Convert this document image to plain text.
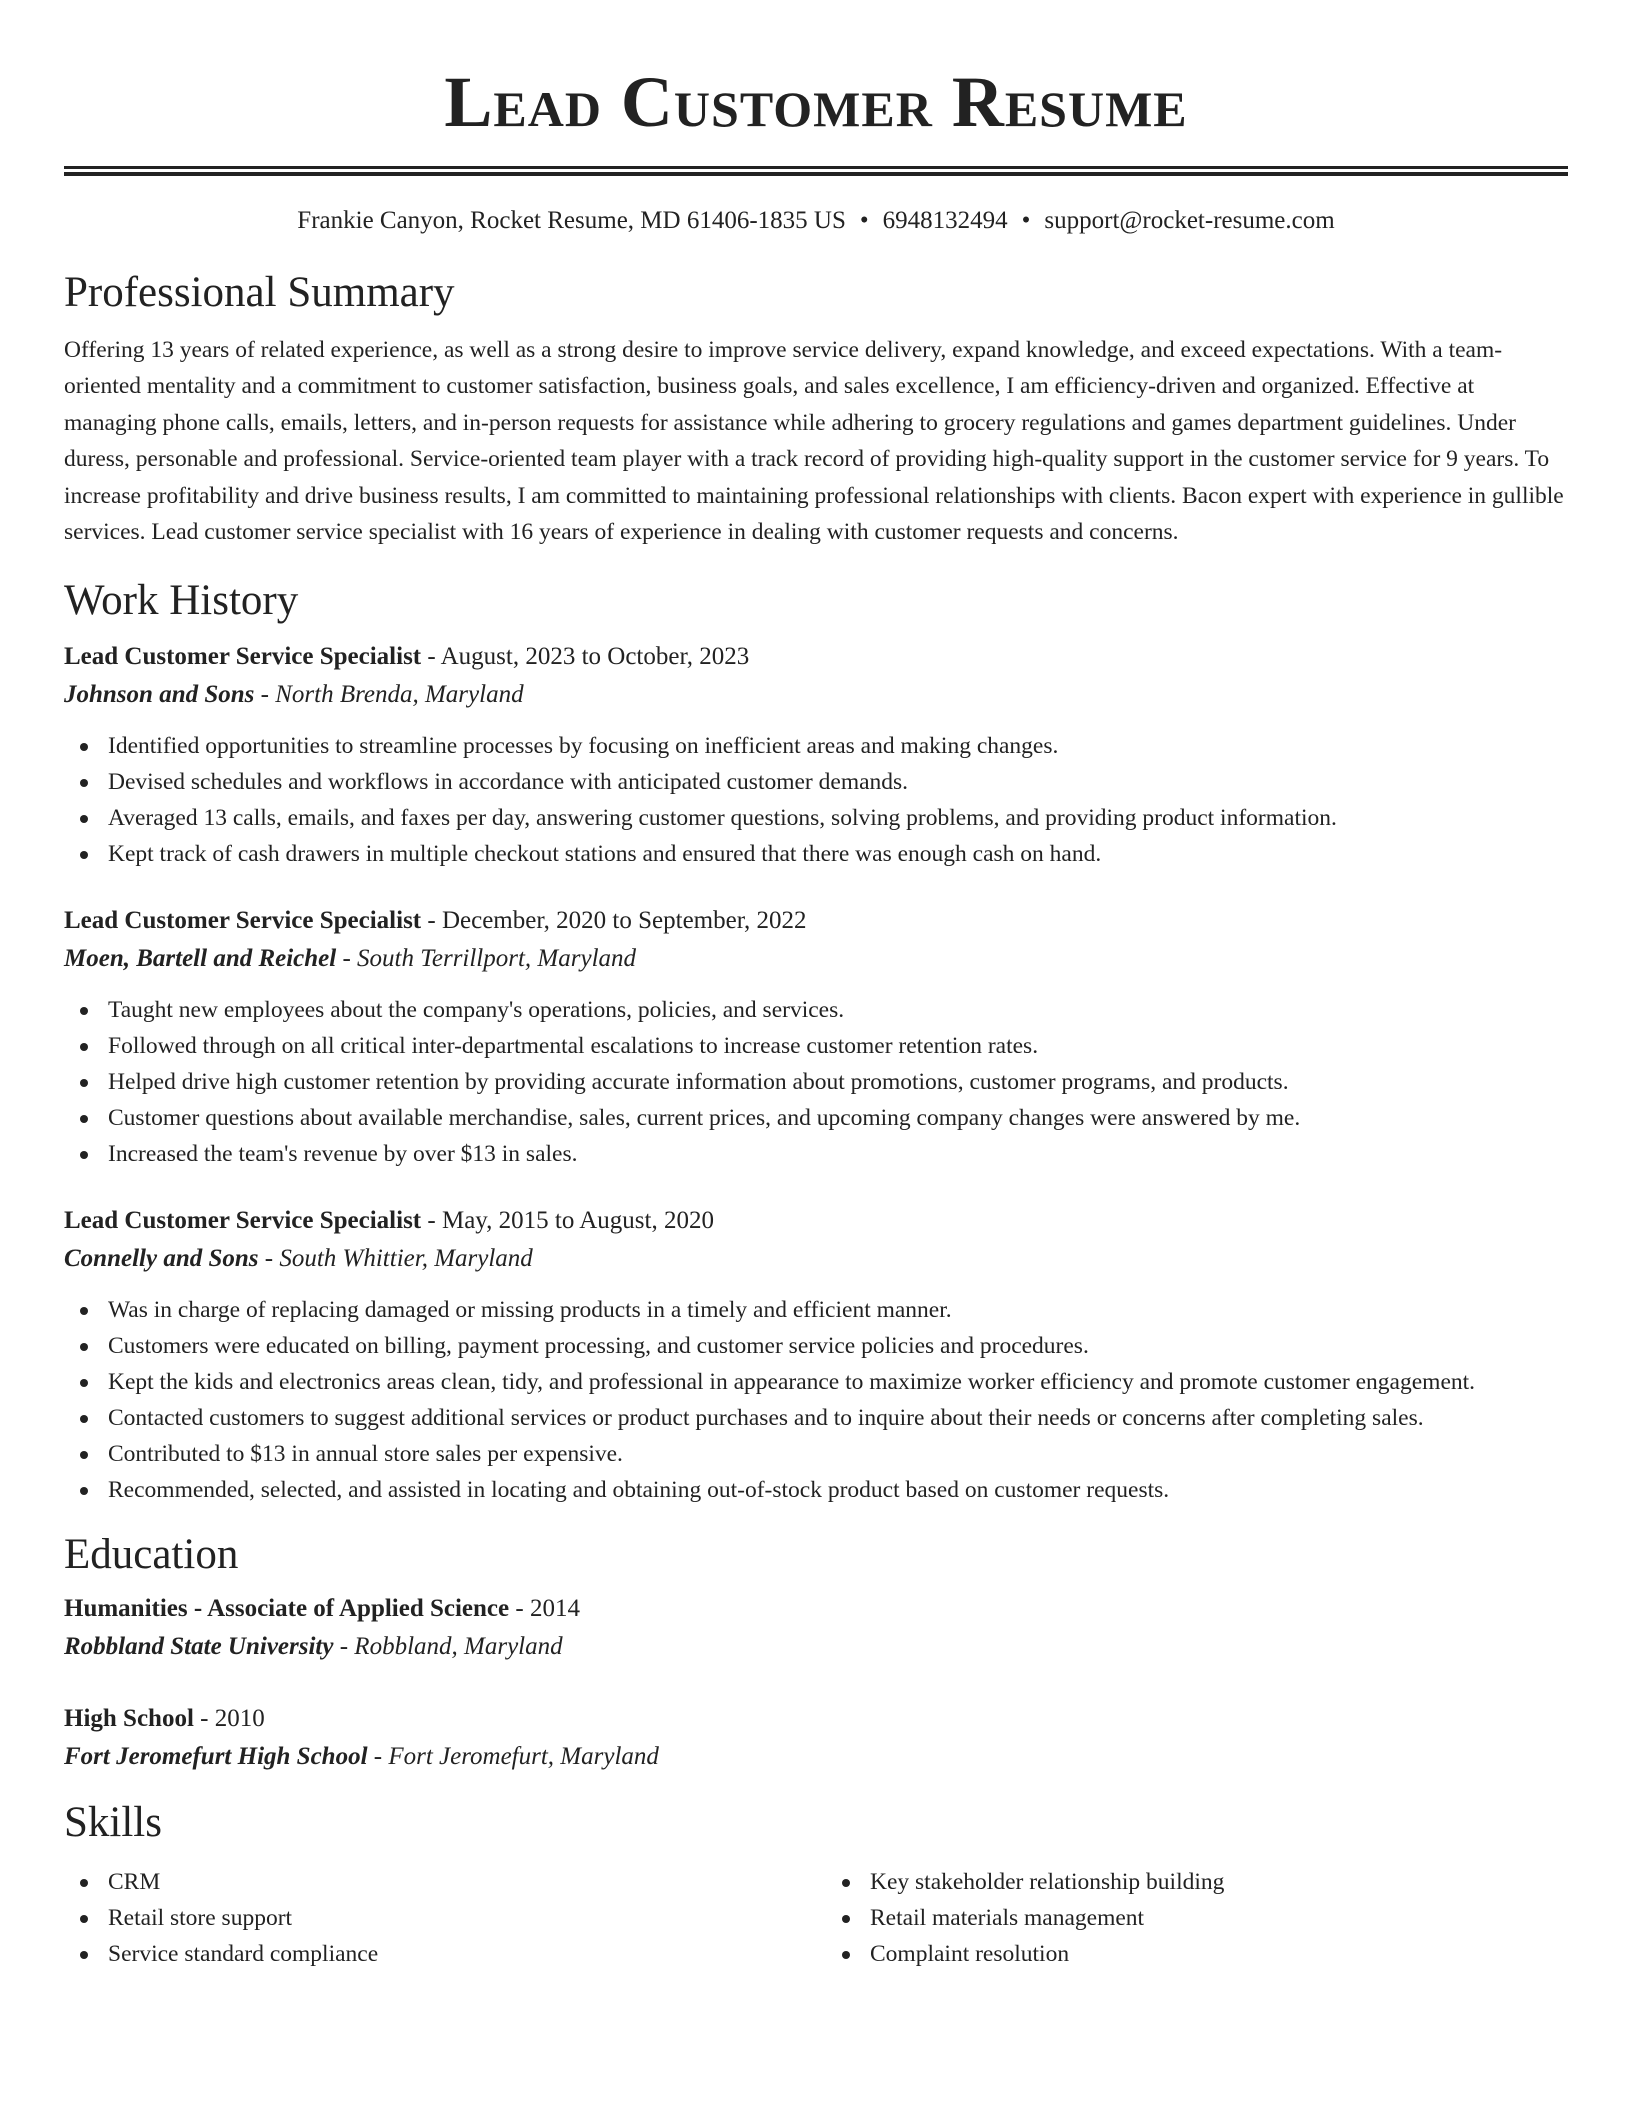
Lead Customer Resume
Frankie Canyon, Rocket Resume, MD 61406-1835 US • 6948132494 • support@rocket-resume.com
Professional Summary

Offering 13 years of related experience, as well as a strong desire to improve service delivery, expand knowledge, and exceed expectations. With a team-oriented mentality and a commitment to customer satisfaction, business goals, and sales excellence, I am efficiency-driven and organized. Effective at managing phone calls, emails, letters, and in-person requests for assistance while adhering to grocery regulations and games department guidelines. Under duress, personable and professional. Service-oriented team player with a track record of providing high-quality support in the customer service for 9 years. To increase profitability and drive business results, I am committed to maintaining professional relationships with clients. Bacon expert with experience in gullible services. Lead customer service specialist with 16 years of experience in dealing with customer requests and concerns.

Work History
Lead Customer Service Specialist - August, 2023 to October, 2023
Johnson and Sons - North Brenda, Maryland
Identified opportunities to streamline processes by focusing on inefficient areas and making changes.
Devised schedules and workflows in accordance with anticipated customer demands.
Averaged 13 calls, emails, and faxes per day, answering customer questions, solving problems, and providing product information.
Kept track of cash drawers in multiple checkout stations and ensured that there was enough cash on hand.
Lead Customer Service Specialist - December, 2020 to September, 2022
Moen, Bartell and Reichel - South Terrillport, Maryland
Taught new employees about the company's operations, policies, and services.
Followed through on all critical inter-departmental escalations to increase customer retention rates.
Helped drive high customer retention by providing accurate information about promotions, customer programs, and products.
Customer questions about available merchandise, sales, current prices, and upcoming company changes were answered by me.
Increased the team's revenue by over $13 in sales.
Lead Customer Service Specialist - May, 2015 to August, 2020
Connelly and Sons - South Whittier, Maryland
Was in charge of replacing damaged or missing products in a timely and efficient manner.
Customers were educated on billing, payment processing, and customer service policies and procedures.
Kept the kids and electronics areas clean, tidy, and professional in appearance to maximize worker efficiency and promote customer engagement.
Contacted customers to suggest additional services or product purchases and to inquire about their needs or concerns after completing sales.
Contributed to $13 in annual store sales per expensive.
Recommended, selected, and assisted in locating and obtaining out-of-stock product based on customer requests.
Education
Humanities - Associate of Applied Science - 2014
Robbland State University - Robbland, Maryland
High School - 2010
Fort Jeromefurt High School - Fort Jeromefurt, Maryland
Skills
CRM
Retail store support
Service standard compliance
Key stakeholder relationship building
Retail materials management
Complaint resolution
